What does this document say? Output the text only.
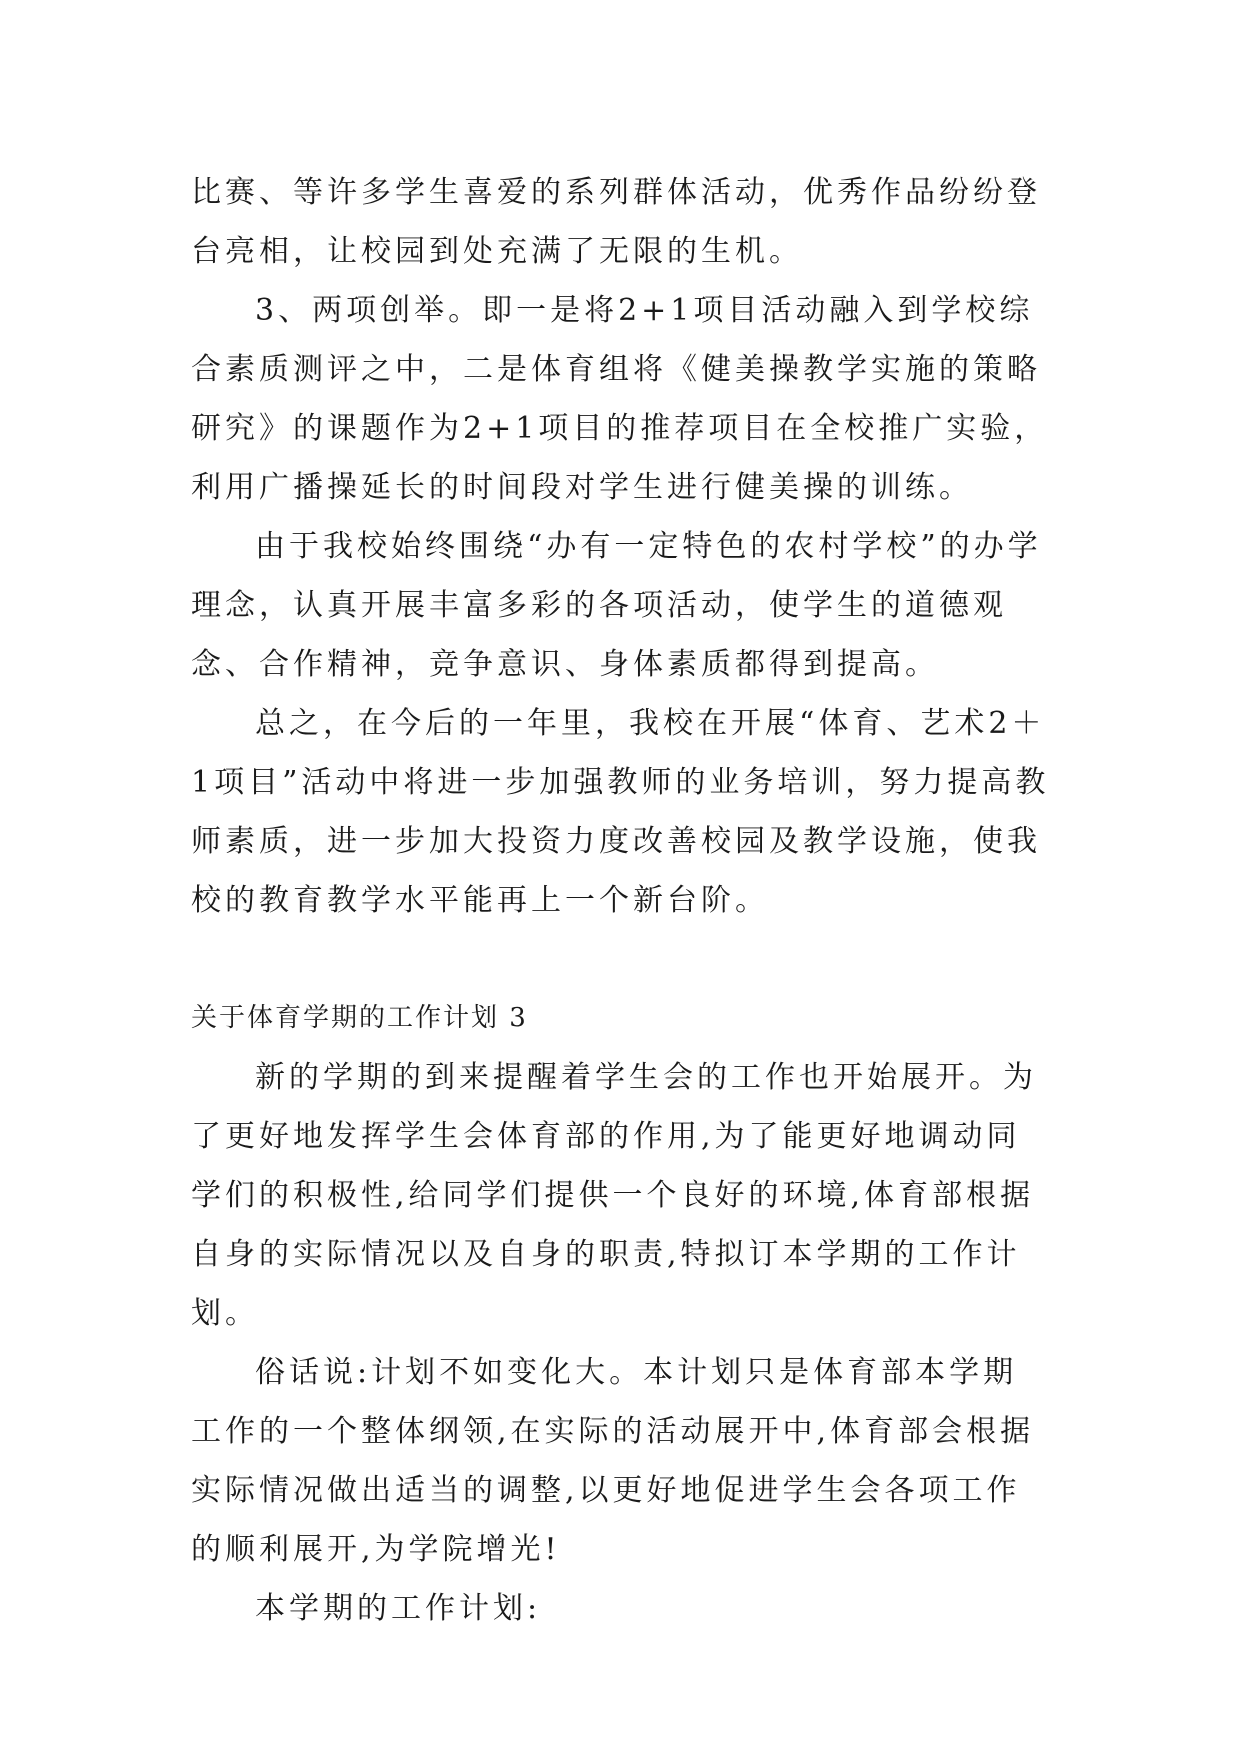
比赛、等许多学生喜爱的系列群体活动，优秀作品纷纷登台亮相，让校园到处充满了无限的生机。

3、两项创举。即一是将2+1项目活动融入到学校综合素质测评之中，二是体育组将《健美操教学实施的策略研究》的课题作为2+1项目的推荐项目在全校推广实验，利用广播操延长的时间段对学生进行健美操的训练。

由于我校始终围绕“办有一定特色的农村学校”的办学理念，认真开展丰富多彩的各项活动，使学生的道德观念、合作精神，竞争意识、身体素质都得到提高。

总之，在今后的一年里，我校在开展“体育、艺术2＋1项目”活动中将进一步加强教师的业务培训，努力提高教师素质，进一步加大投资力度改善校园及教学设施，使我校的教育教学水平能再上一个新台阶。

关于体育学期的工作计划 3

新的学期的到来提醒着学生会的工作也开始展开。为了更好地发挥学生会体育部的作用,为了能更好地调动同学们的积极性,给同学们提供一个良好的环境,体育部根据自身的实际情况以及自身的职责,特拟订本学期的工作计划。

俗话说:计划不如变化大。本计划只是体育部本学期工作的一个整体纲领,在实际的活动展开中,体育部会根据实际情况做出适当的调整,以更好地促进学生会各项工作的顺利展开,为学院增光!

本学期的工作计划:
